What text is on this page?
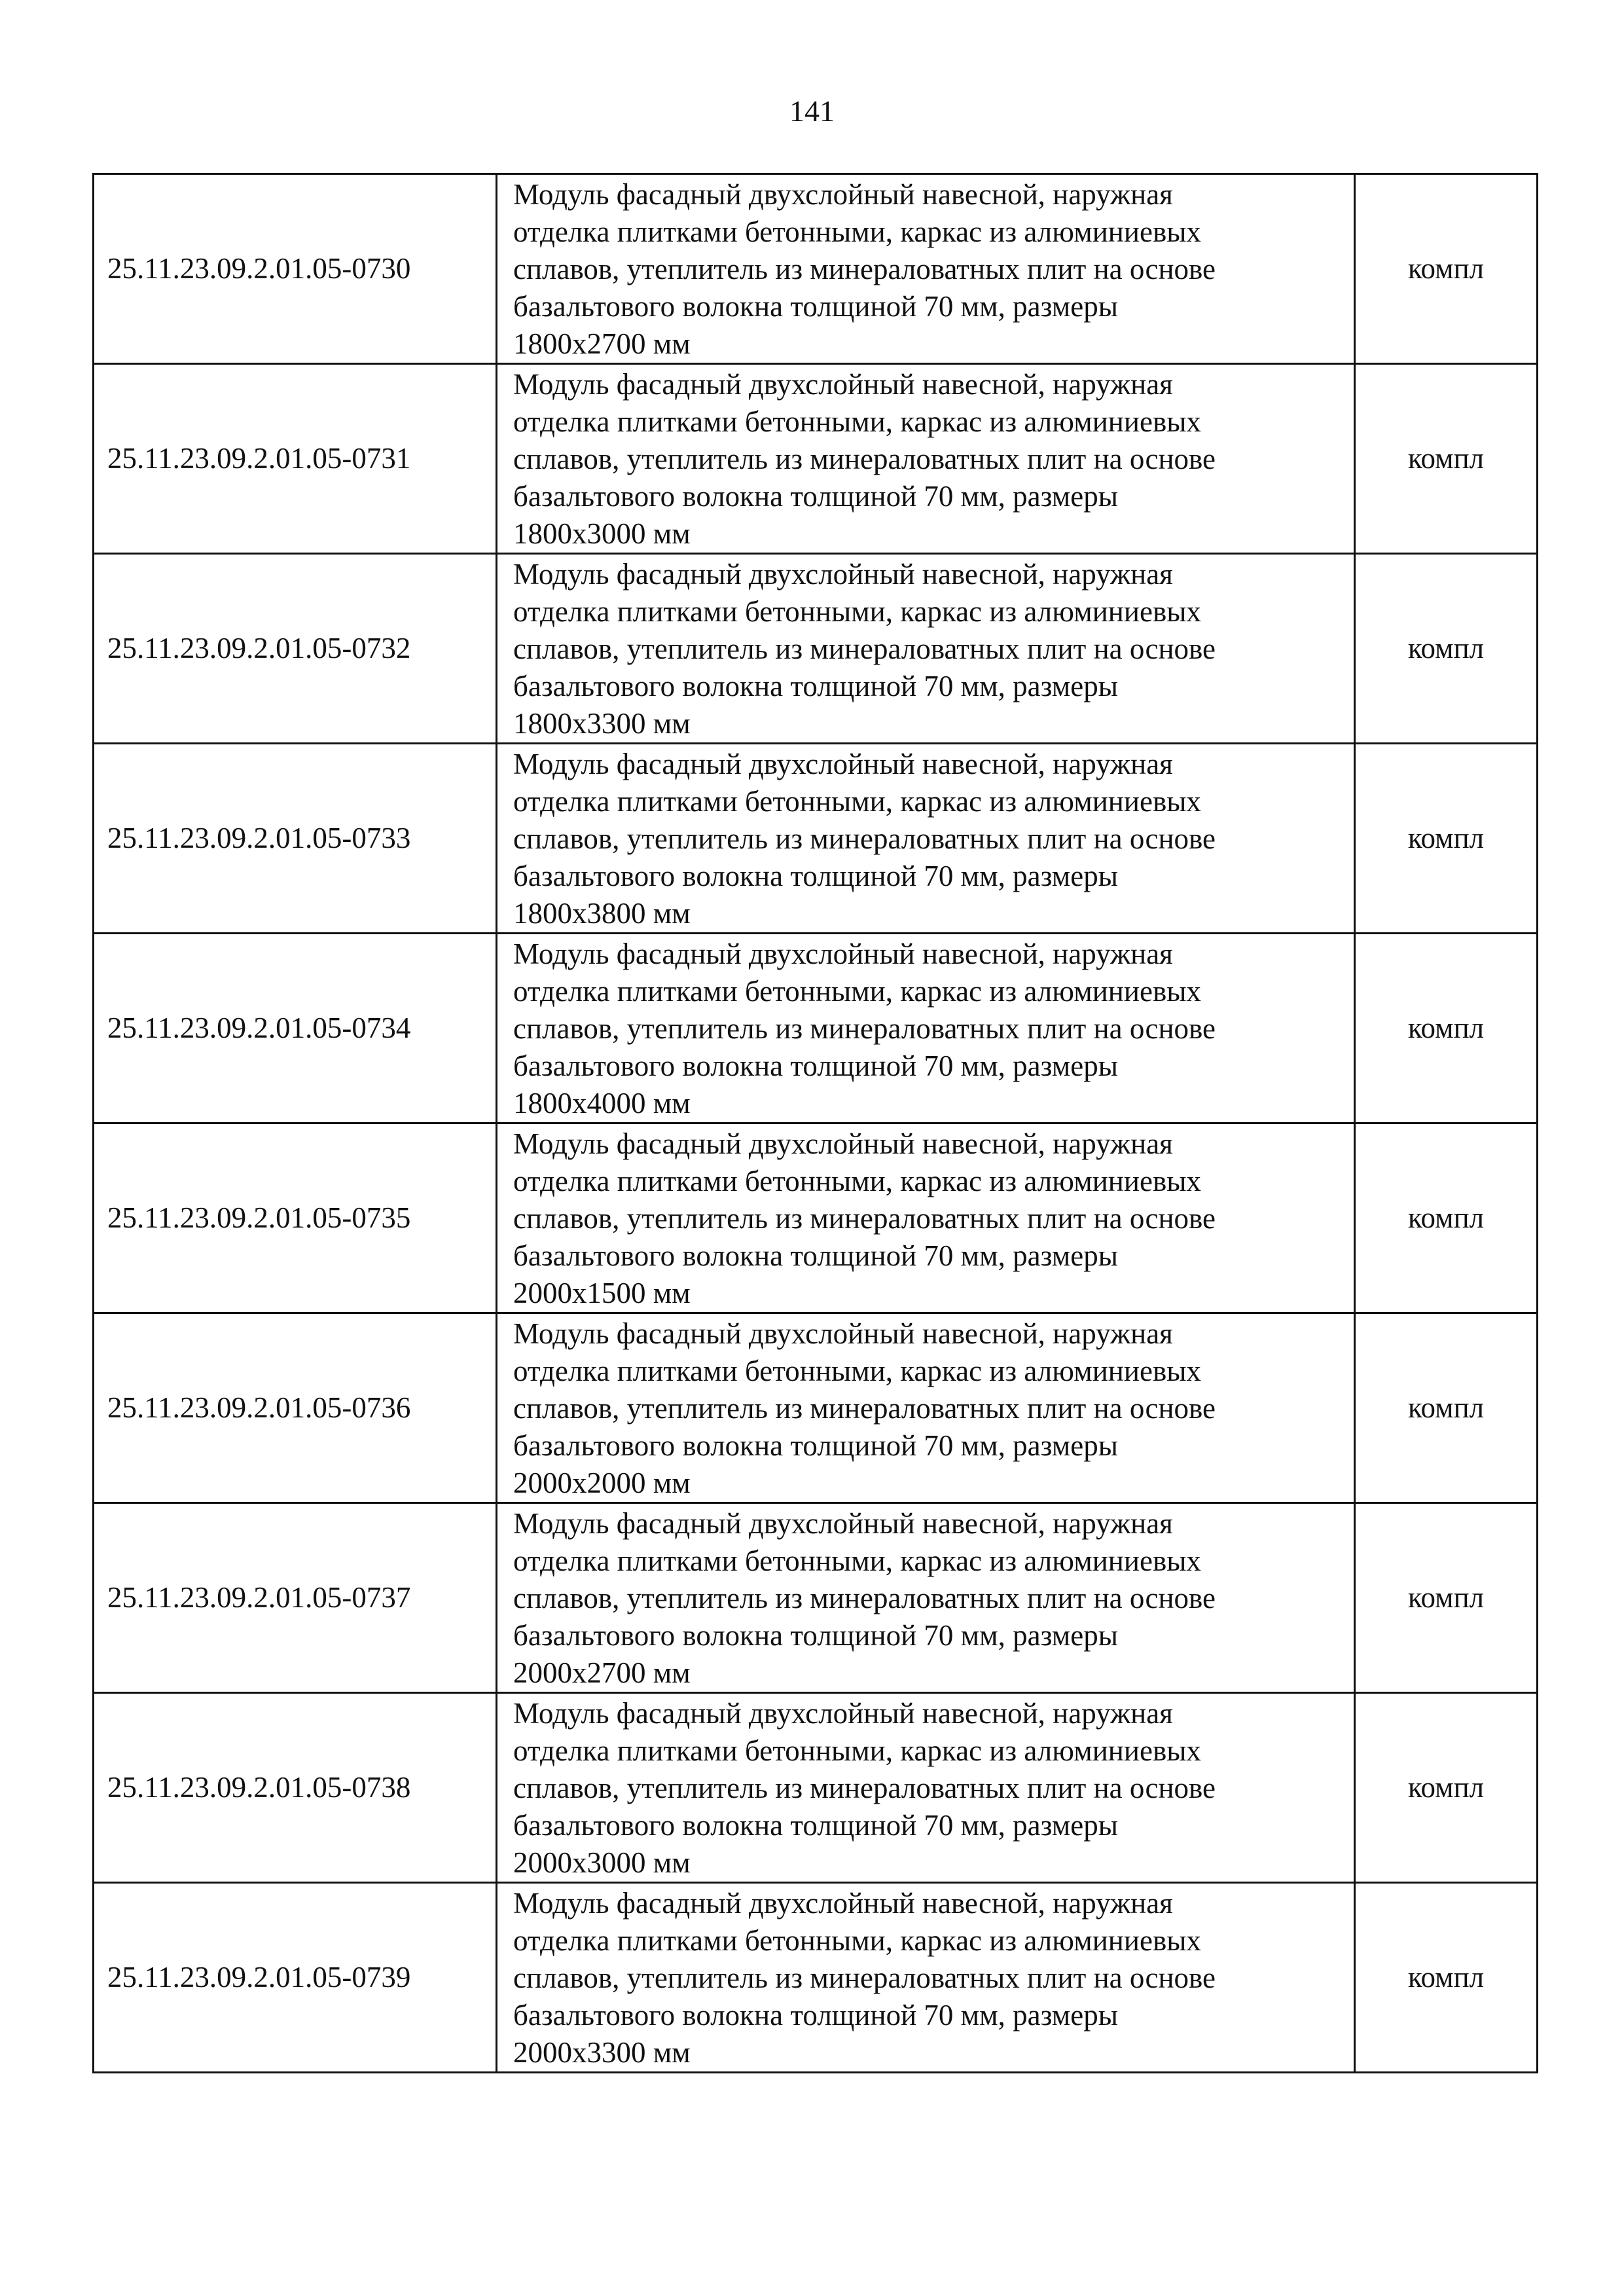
141
25.11.23.09.2.01.05-0730	Модуль фасадный двухслойный навесной, наружная
отделка плитками бетонными, каркас из алюминиевых
сплавов, утеплитель из минераловатных плит на основе
базальтового волокна толщиной 70 мм, размеры
1800x2700 мм	компл
25.11.23.09.2.01.05-0731	Модуль фасадный двухслойный навесной, наружная
отделка плитками бетонными, каркас из алюминиевых
сплавов, утеплитель из минераловатных плит на основе
базальтового волокна толщиной 70 мм, размеры
1800x3000 мм	компл
25.11.23.09.2.01.05-0732	Модуль фасадный двухслойный навесной, наружная
отделка плитками бетонными, каркас из алюминиевых
сплавов, утеплитель из минераловатных плит на основе
базальтового волокна толщиной 70 мм, размеры
1800x3300 мм	компл
25.11.23.09.2.01.05-0733	Модуль фасадный двухслойный навесной, наружная
отделка плитками бетонными, каркас из алюминиевых
сплавов, утеплитель из минераловатных плит на основе
базальтового волокна толщиной 70 мм, размеры
1800x3800 мм	компл
25.11.23.09.2.01.05-0734	Модуль фасадный двухслойный навесной, наружная
отделка плитками бетонными, каркас из алюминиевых
сплавов, утеплитель из минераловатных плит на основе
базальтового волокна толщиной 70 мм, размеры
1800x4000 мм	компл
25.11.23.09.2.01.05-0735	Модуль фасадный двухслойный навесной, наружная
отделка плитками бетонными, каркас из алюминиевых
сплавов, утеплитель из минераловатных плит на основе
базальтового волокна толщиной 70 мм, размеры
2000x1500 мм	компл
25.11.23.09.2.01.05-0736	Модуль фасадный двухслойный навесной, наружная
отделка плитками бетонными, каркас из алюминиевых
сплавов, утеплитель из минераловатных плит на основе
базальтового волокна толщиной 70 мм, размеры
2000x2000 мм	компл
25.11.23.09.2.01.05-0737	Модуль фасадный двухслойный навесной, наружная
отделка плитками бетонными, каркас из алюминиевых
сплавов, утеплитель из минераловатных плит на основе
базальтового волокна толщиной 70 мм, размеры
2000x2700 мм	компл
25.11.23.09.2.01.05-0738	Модуль фасадный двухслойный навесной, наружная
отделка плитками бетонными, каркас из алюминиевых
сплавов, утеплитель из минераловатных плит на основе
базальтового волокна толщиной 70 мм, размеры
2000x3000 мм	компл
25.11.23.09.2.01.05-0739	Модуль фасадный двухслойный навесной, наружная
отделка плитками бетонными, каркас из алюминиевых
сплавов, утеплитель из минераловатных плит на основе
базальтового волокна толщиной 70 мм, размеры
2000x3300 мм	компл
